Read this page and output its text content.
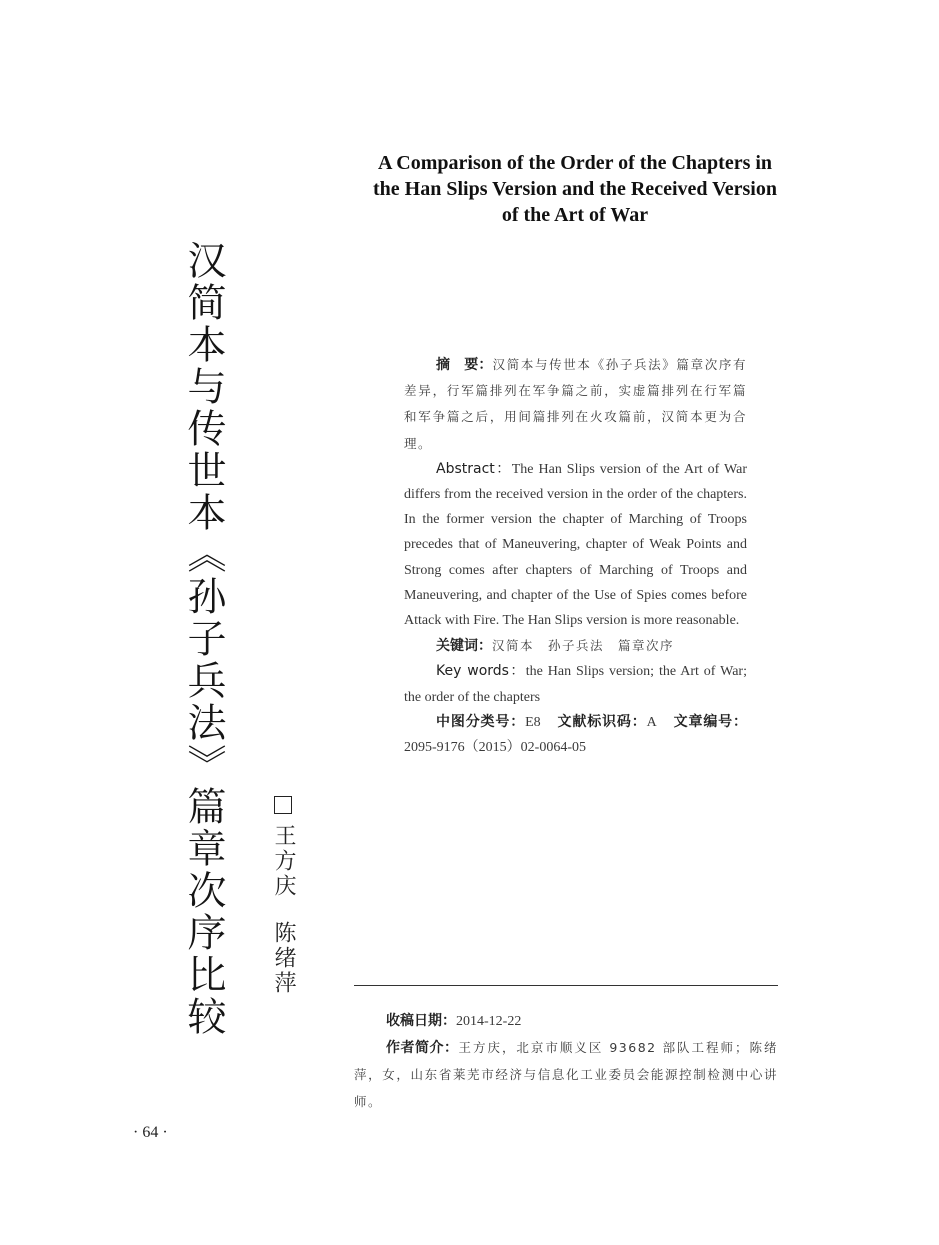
汉简本与传世本《孙子兵法》篇章次序比较 王方庆陈绪萍
A Comparison of the Order of the Chapters in
the Han Slips Version and the Received Version
of the Art of War

摘　要：汉简本与传世本《孙子兵法》篇章次序有差异，行军篇排列在军争篇之前，实虚篇排列在行军篇和军争篇之后，用间篇排列在火攻篇前，汉简本更为合理。

Abstract：The Han Slips version of the Art of War differs from the received version in the order of the chapters. In the former version the chapter of Marching of Troops precedes that of Maneuvering, chapter of Weak Points and Strong comes after chapters of Marching of Troops and Maneuvering, and chapter of the Use of Spies comes before Attack with Fire. The Han Slips version is more reasonable.

关键词：汉简本　孙子兵法　篇章次序

Key words：the Han Slips version; the Art of War; the order of the chapters

中图分类号：E8 文献标识码：A 文章编号：2095-9176（2015）02-0064-05

收稿日期：2014-12-22

作者简介：王方庆，北京市顺义区 93682 部队工程师；陈绪萍，女，山东省莱芜市经济与信息化工业委员会能源控制检测中心讲师。

· 64 ·
